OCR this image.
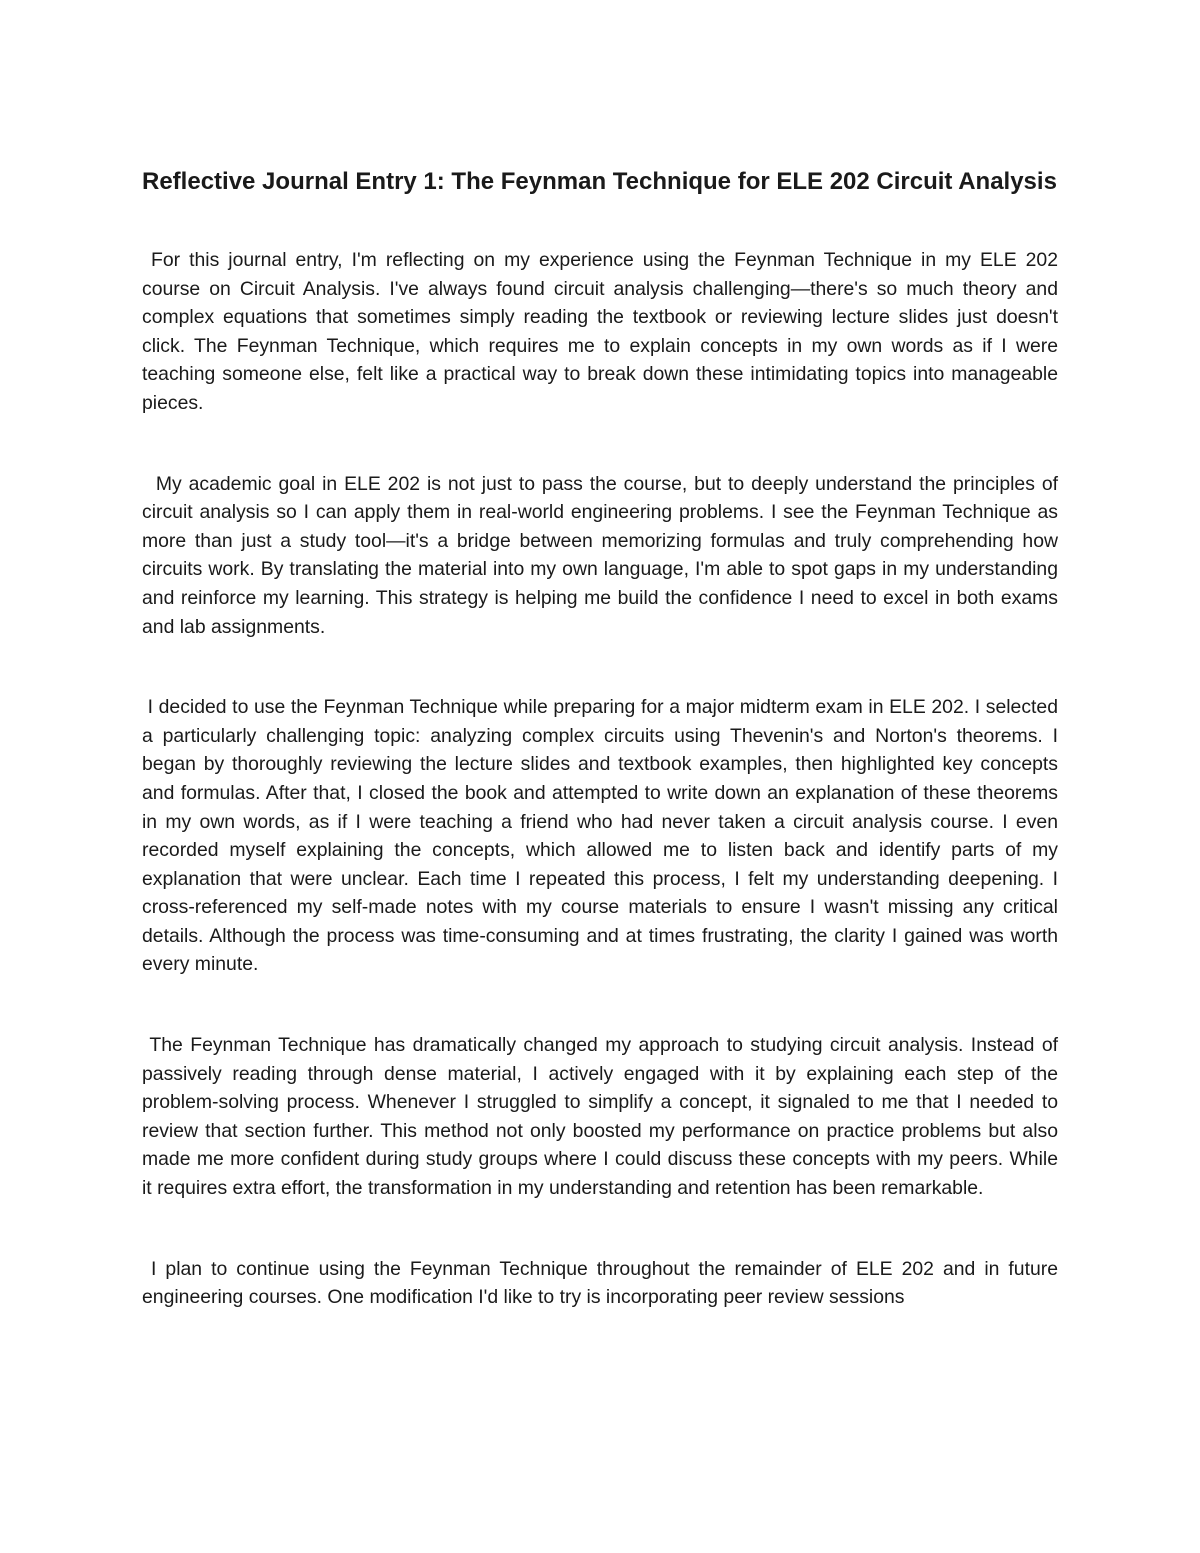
Reflective Journal Entry 1: The Feynman Technique for ELE 202 Circuit Analysis

For this journal entry, I'm reflecting on my experience using the Feynman Technique in my ELE 202 course on Circuit Analysis. I've always found circuit analysis challenging—there's so much theory and complex equations that sometimes simply reading the textbook or reviewing lecture slides just doesn't click. The Feynman Technique, which requires me to explain concepts in my own words as if I were teaching someone else, felt like a practical way to break down these intimidating topics into manageable pieces.

My academic goal in ELE 202 is not just to pass the course, but to deeply understand the principles of circuit analysis so I can apply them in real-world engineering problems. I see the Feynman Technique as more than just a study tool—it's a bridge between memorizing formulas and truly comprehending how circuits work. By translating the material into my own language, I'm able to spot gaps in my understanding and reinforce my learning. This strategy is helping me build the confidence I need to excel in both exams and lab assignments.

I decided to use the Feynman Technique while preparing for a major midterm exam in ELE 202. I selected a particularly challenging topic: analyzing complex circuits using Thevenin's and Norton's theorems. I began by thoroughly reviewing the lecture slides and textbook examples, then highlighted key concepts and formulas. After that, I closed the book and attempted to write down an explanation of these theorems in my own words, as if I were teaching a friend who had never taken a circuit analysis course. I even recorded myself explaining the concepts, which allowed me to listen back and identify parts of my explanation that were unclear. Each time I repeated this process, I felt my understanding deepening. I cross-referenced my self-made notes with my course materials to ensure I wasn't missing any critical details. Although the process was time-consuming and at times frustrating, the clarity I gained was worth every minute.

The Feynman Technique has dramatically changed my approach to studying circuit analysis. Instead of passively reading through dense material, I actively engaged with it by explaining each step of the problem-solving process. Whenever I struggled to simplify a concept, it signaled to me that I needed to review that section further. This method not only boosted my performance on practice problems but also made me more confident during study groups where I could discuss these concepts with my peers. While it requires extra effort, the transformation in my understanding and retention has been remarkable.

I plan to continue using the Feynman Technique throughout the remainder of ELE 202 and in future engineering courses. One modification I'd like to try is incorporating peer review sessions
